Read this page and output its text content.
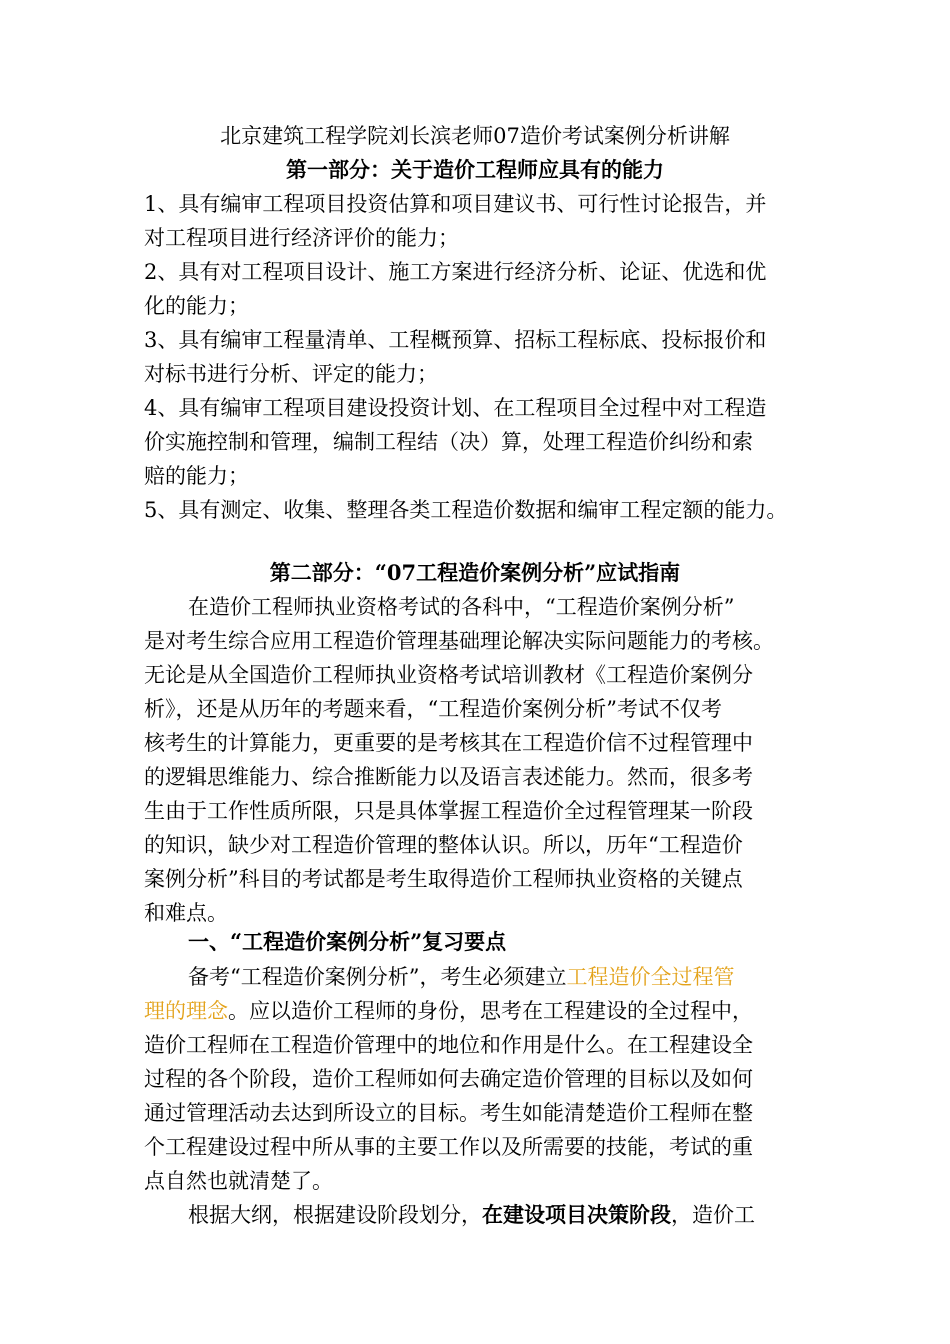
北京建筑工程学院刘长滨老师07造价考试案例分析讲解
第一部分：关于造价工程师应具有的能力
1、具有编审工程项目投资估算和项目建议书、可行性讨论报告，并
对工程项目进行经济评价的能力；
2、具有对工程项目设计、施工方案进行经济分析、论证、优选和优
化的能力；
3、具有编审工程量清单、工程概预算、招标工程标底、投标报价和
对标书进行分析、评定的能力；
4、具有编审工程项目建设投资计划、在工程项目全过程中对工程造
价实施控制和管理，编制工程结（决）算，处理工程造价纠纷和索
赔的能力；
5、具有测定、收集、整理各类工程造价数据和编审工程定额的能力。
第二部分：“07工程造价案例分析”应试指南
在造价工程师执业资格考试的各科中，“工程造价案例分析”
是对考生综合应用工程造价管理基础理论解决实际问题能力的考核。
无论是从全国造价工程师执业资格考试培训教材《工程造价案例分
析》，还是从历年的考题来看，“工程造价案例分析”考试不仅考
核考生的计算能力，更重要的是考核其在工程造价信不过程管理中
的逻辑思维能力、综合推断能力以及语言表述能力。然而，很多考
生由于工作性质所限，只是具体掌握工程造价全过程管理某一阶段
的知识，缺少对工程造价管理的整体认识。所以，历年“工程造价
案例分析”科目的考试都是考生取得造价工程师执业资格的关键点
和难点。
一、“工程造价案例分析”复习要点
备考“工程造价案例分析”，考生必须建立工程造价全过程管
理的理念。应以造价工程师的身份，思考在工程建设的全过程中，
造价工程师在工程造价管理中的地位和作用是什么。在工程建设全
过程的各个阶段，造价工程师如何去确定造价管理的目标以及如何
通过管理活动去达到所设立的目标。考生如能清楚造价工程师在整
个工程建设过程中所从事的主要工作以及所需要的技能，考试的重
点自然也就清楚了。
根据大纲，根据建设阶段划分，在建设项目决策阶段，造价工
